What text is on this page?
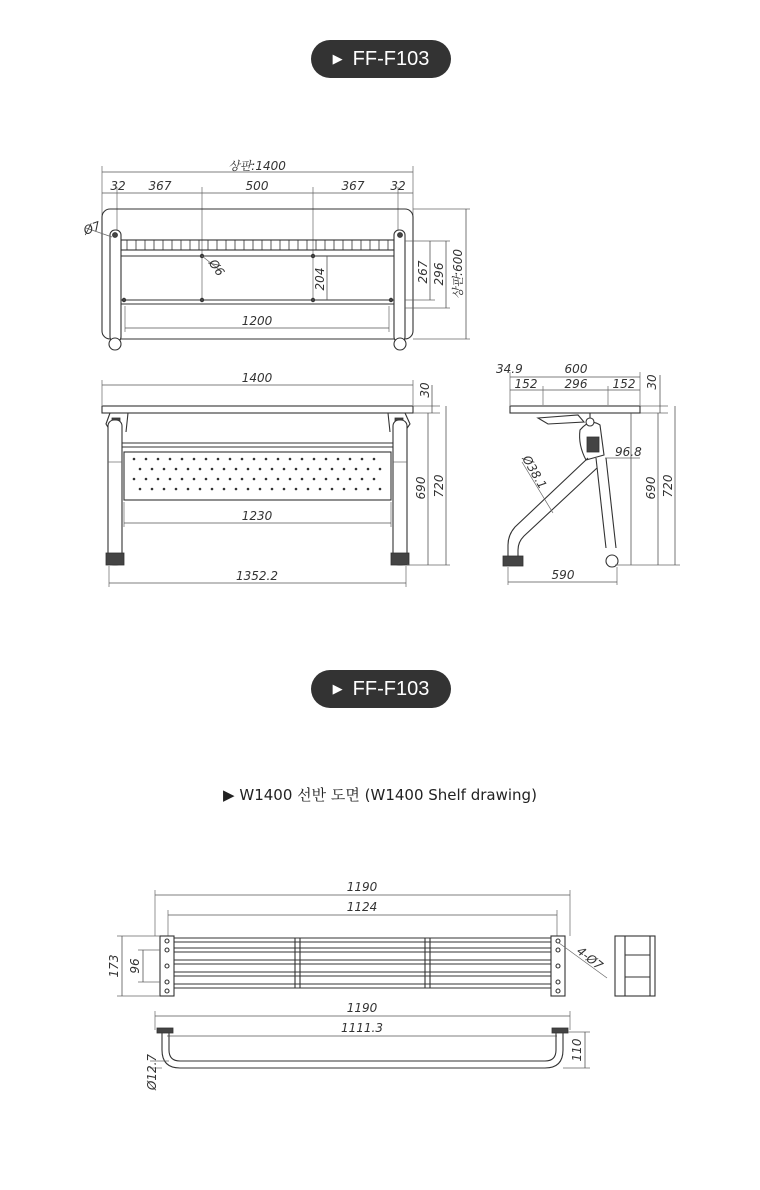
▶ FF-F103
▶ FF-F103
▶ W1400 선반 도면 (W1400 Shelf drawing)
상판:1400
32 367	500	367 32
Ø7
Ø6	204	267 296 상판:600
1200
1400
30
1230
1352.2
690 720
34.9	600
152 296 152 30
Ø38.1
96.8
690 720
590
1190
1124
173 96	4-Ø7
1190
1111.3
110
Ø12.7
